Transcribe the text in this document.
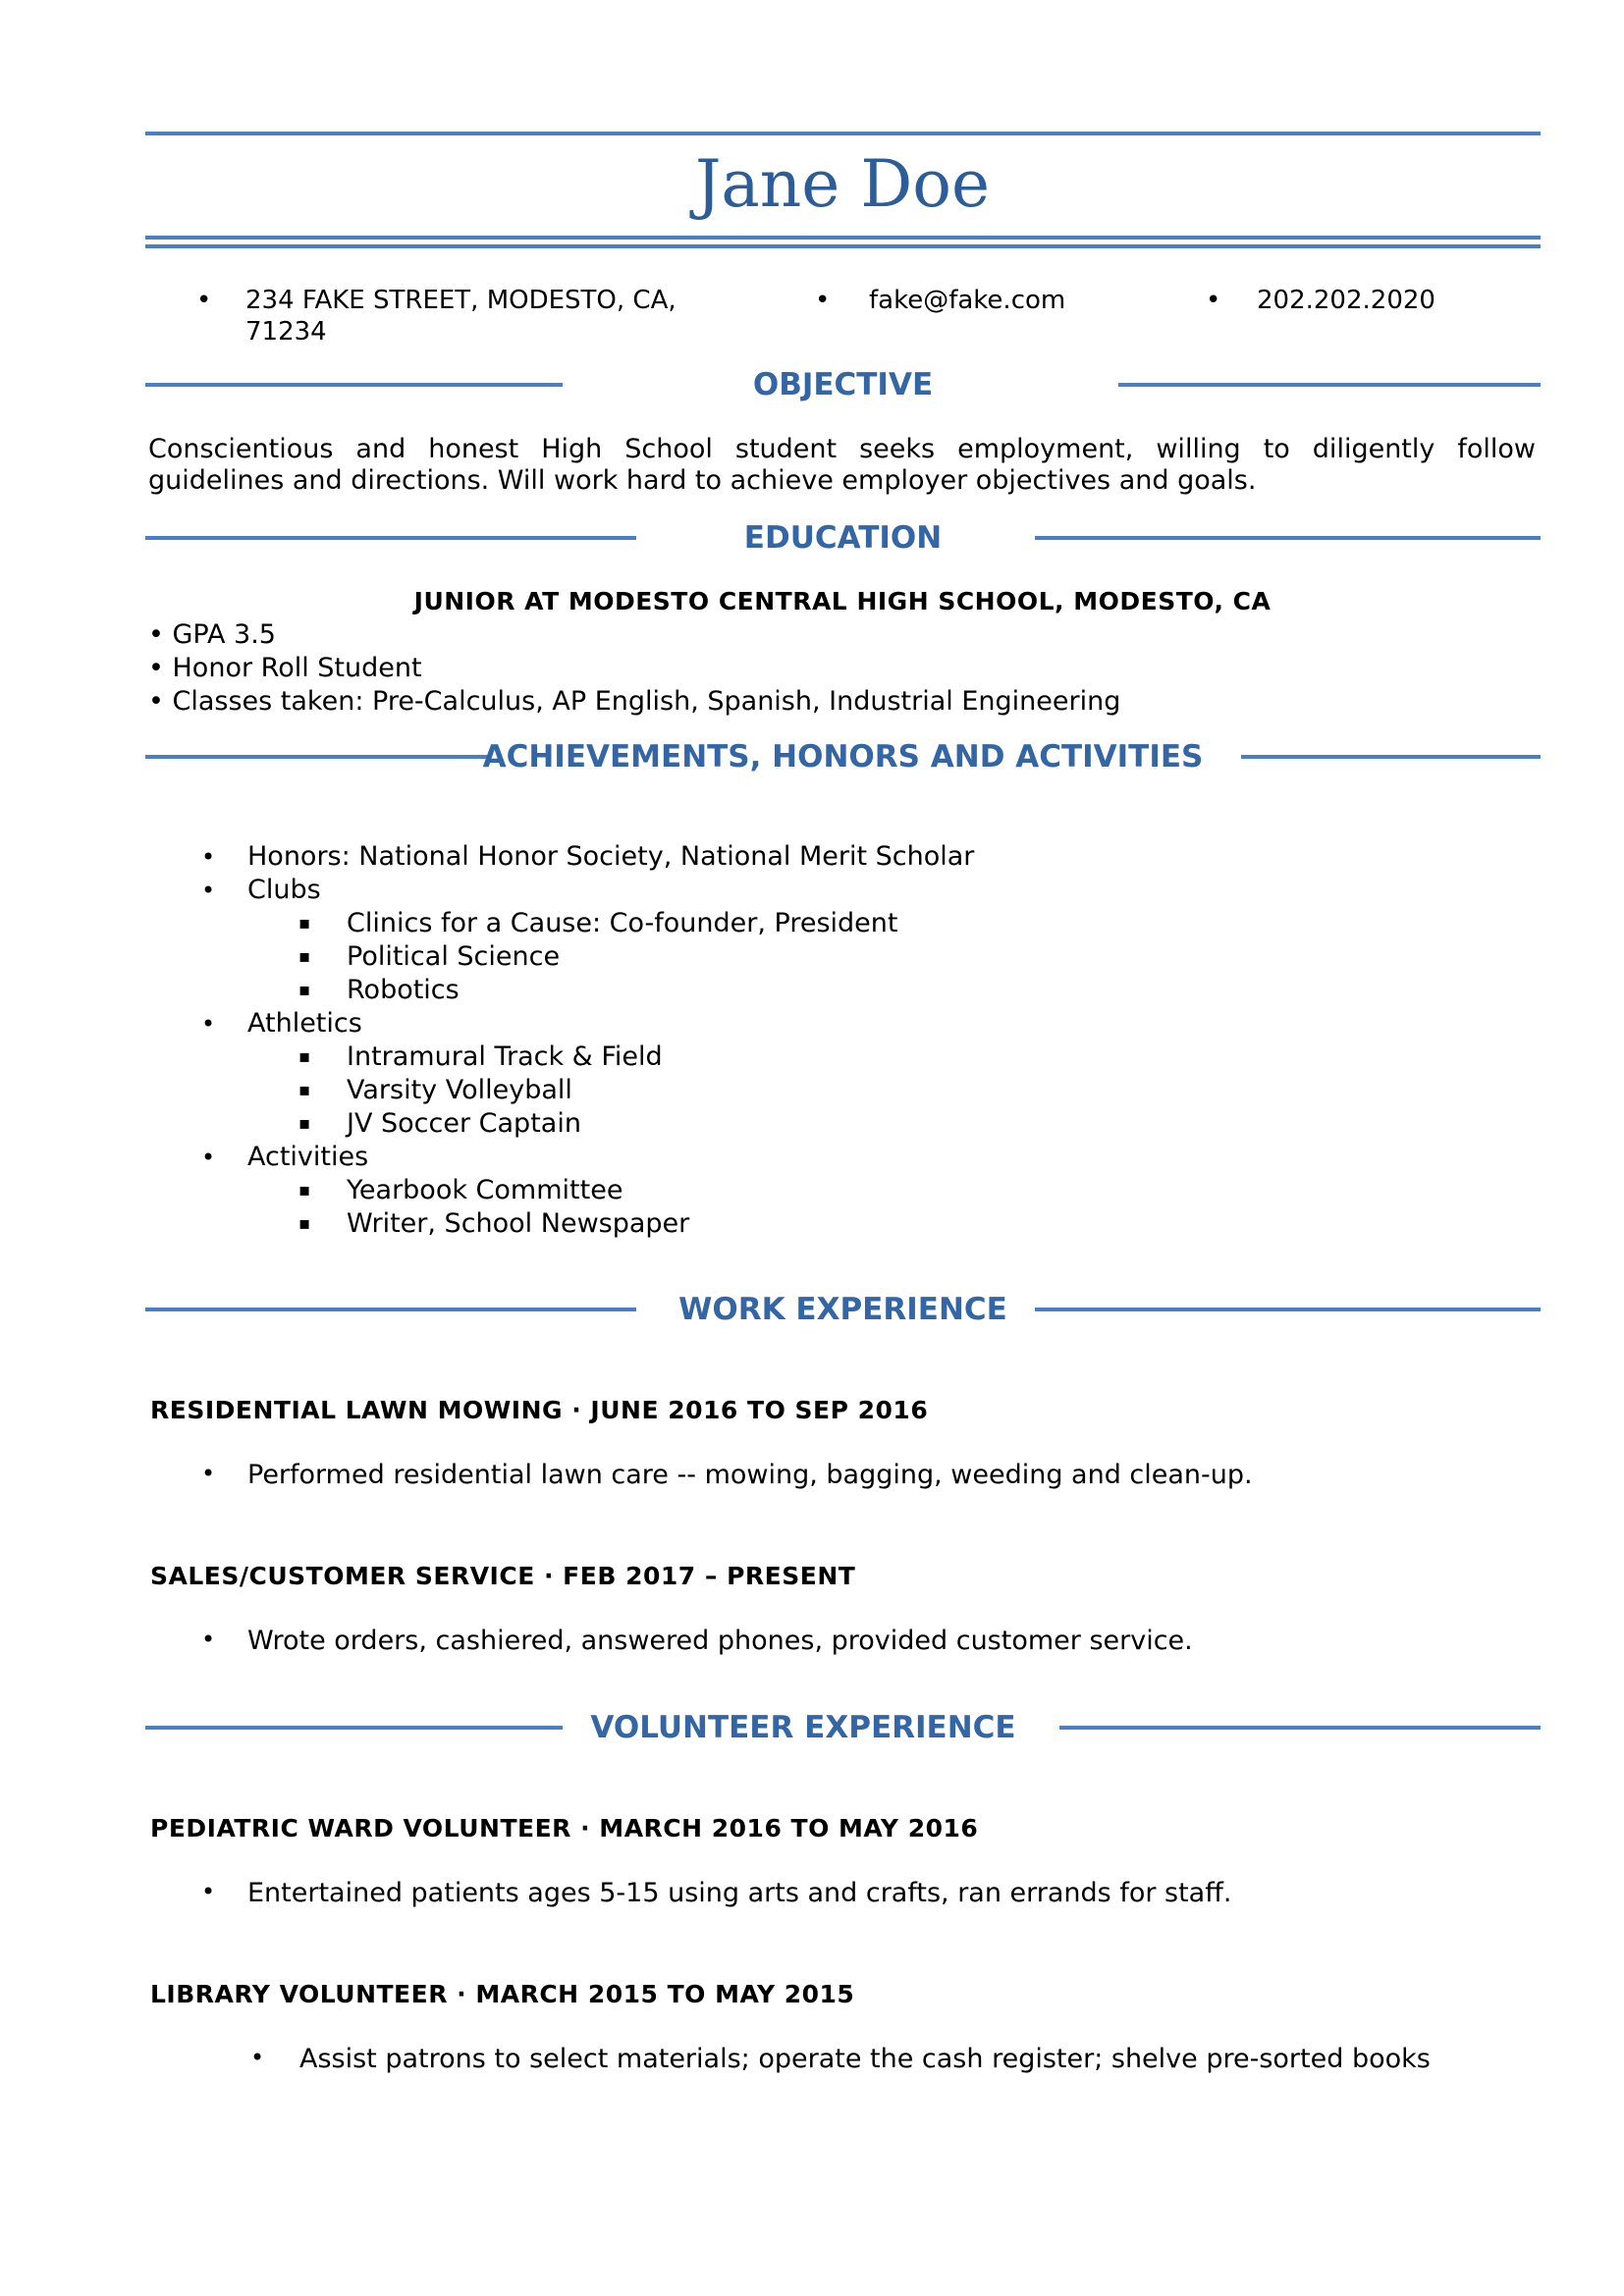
Jane Doe
• 234 FAKE STREET, MODESTO, CA,
71234
• fake@fake.com	• 202.202.2020
OBJECTIVE
Conscientious and honest High School student seeks employment, willing to diligently follow
guidelines and directions. Will work hard to achieve employer objectives and goals.
EDUCATION
JUNIOR AT MODESTO CENTRAL HIGH SCHOOL, MODESTO, CA
• GPA 3.5
• Honor Roll Student
• Classes taken: Pre-Calculus, AP English, Spanish, Industrial Engineering
ACHIEVEMENTS, HONORS AND ACTIVITIES
• Honors: National Honor Society, National Merit Scholar
• Clubs
▪ Clinics for a Cause: Co-founder, President
▪ Political Science
▪ Robotics
• Athletics
▪ Intramural Track & Field
▪ Varsity Volleyball
▪ JV Soccer Captain
• Activities
▪ Yearbook Committee
▪ Writer, School Newspaper
WORK EXPERIENCE
RESIDENTIAL LAWN MOWING · JUNE 2016 TO SEP 2016
• Performed residential lawn care -- mowing, bagging, weeding and clean-up.
SALES/CUSTOMER SERVICE · FEB 2017 – PRESENT
• Wrote orders, cashiered, answered phones, provided customer service.
VOLUNTEER EXPERIENCE
PEDIATRIC WARD VOLUNTEER · MARCH 2016 TO MAY 2016
• Entertained patients ages 5-15 using arts and crafts, ran errands for staff.
LIBRARY VOLUNTEER · MARCH 2015 TO MAY 2015
• Assist patrons to select materials; operate the cash register; shelve pre-sorted books
